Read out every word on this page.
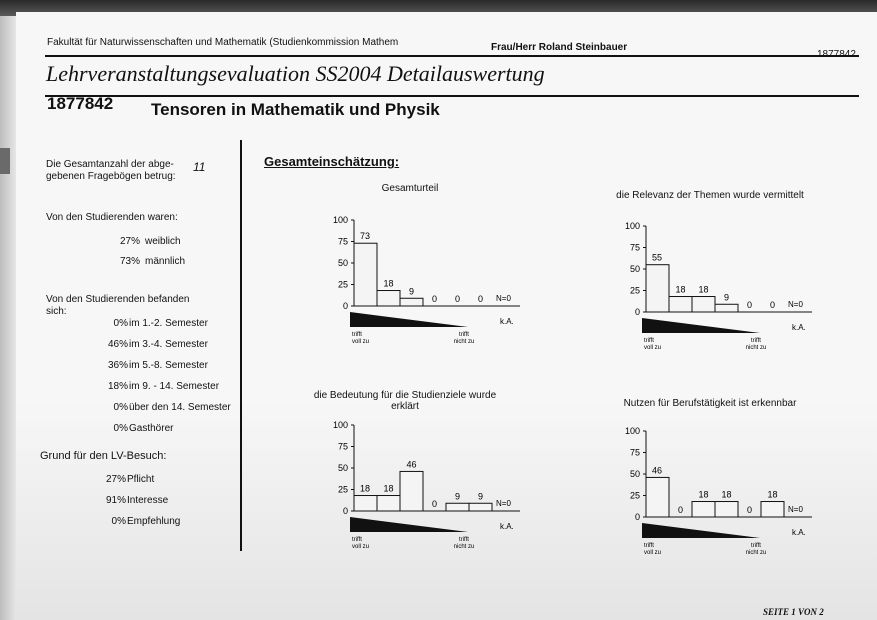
Fakultät für Naturwissenschaften und Mathematik (Studienkommission Mathem	Frau/Herr Roland Steinbauer
Lehrveranstaltungsevaluation SS2004 Detailauswertung
1877842 Tensoren in Mathematik und Physik
Die Gesamtanzahl der abge-
gebenen Fragebögen betrug:
11
Von den Studierenden waren:
27% weiblich
73% männlich
Von den Studierenden befanden
sich:
0% im 1.-2. Semester
46% im 3.-4. Semester
36% im 5.-8. Semester
18% im 9. - 14. Semester
0% über den 14. Semester
0% Gasthörer
Grund für den LV-Besuch:
27% Pflicht
91% Interesse
0% Empfehlung
Gesamteinschätzung:
Gesamturteil
die Relevanz der Themen wurde vermittelt
die Bedeutung für die Studienziele wurde
erklärt	Nutzen für Berufstätigkeit ist erkennbar
100
75
50
25
0
73
18
9
0 0 0 N=0
k.A.
trifft
voll zu
trifft
nicht zu
100
75
50
25
0
55
18 18
9
0 0 N=0
k.A.
trifft
voll zu
trifft
nicht zu
100
75
50
25
0
18 18
46
0
9 9
N=0
k.A.
trifft
voll zu
trifft
nicht zu
100
75
50
25
0
46
0
18 18
0
18
N=0
k.A.
trifft
voll zu
trifft
nicht zu
SEITE 1 VON 2
